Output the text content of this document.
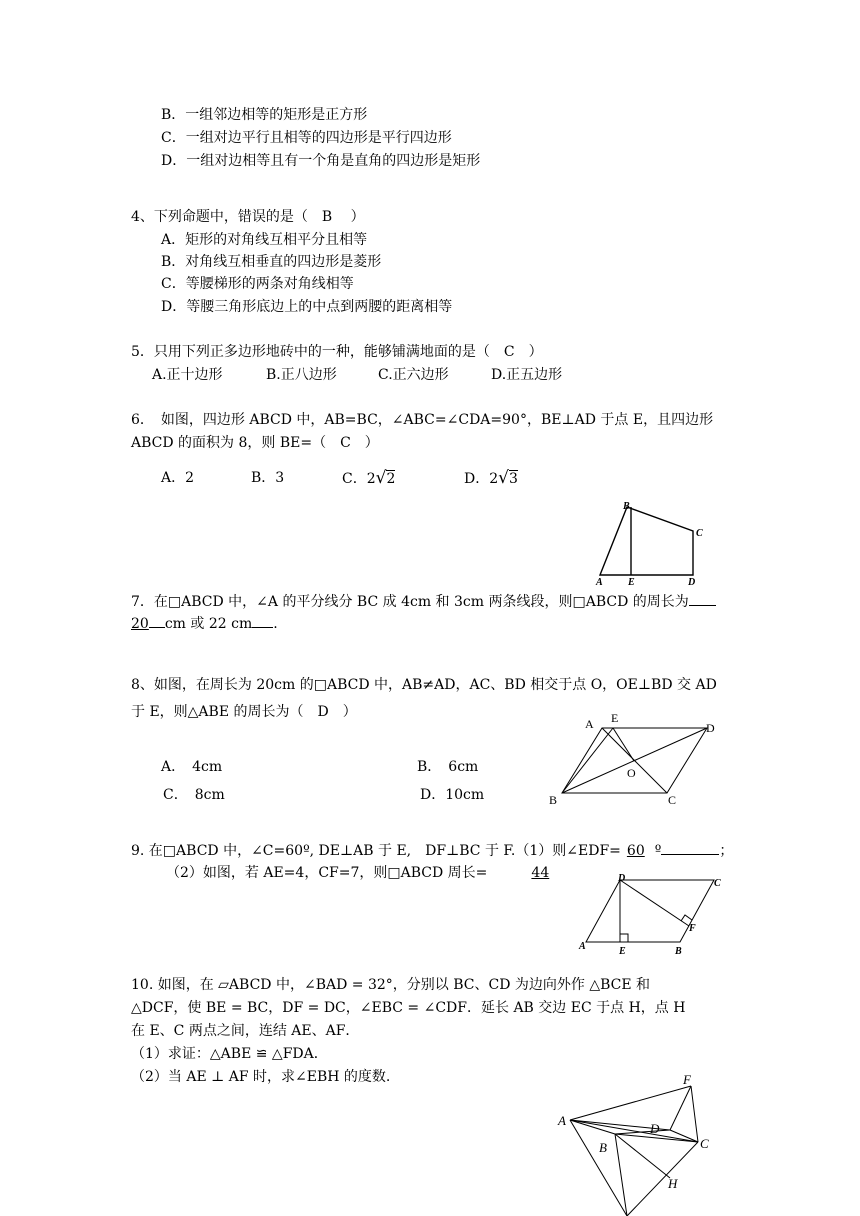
B．一组邻边相等的矩形是正方形
C．一组对边平行且相等的四边形是平行四边形
D．一组对边相等且有一个角是直角的四边形是矩形
4、下列命题中，错误的是（　B　 ）
A．矩形的对角线互相平分且相等
B．对角线互相垂直的四边形是菱形
C．等腰梯形的两条对角线相等
D．等腰三角形底边上的中点到两腰的距离相等
5．只用下列正多边形地砖中的一种，能够铺满地面的是（　C　）
A.正十边形	B.正八边形	C.正六边形	D.正五边形
6．　如图，四边形 ABCD 中，AB=BC，∠ABC=∠CDA=90°，BE⊥AD 于点 E，且四边形
ABCD 的面积为 8，则 BE=（　C　）
A．2	B．3	C．2√2	D．2√3
B
C
A	E	D
7．在□ABCD 中，∠A 的平分线分 BC 成 4cm 和 3cm 两条线段，则□ABCD 的周长为
20 cm 或 22 cm .
8、如图，在周长为 20cm 的□ABCD 中，AB≠AD，AC、BD 相交于点 O，OE⊥BD 交 AD
于 E，则△ABE 的周长为（　D　）
A．　4cm	B．　6cm
C．　8cm	D．10cm
A E
D
O
B	C
9. 在□ABCD 中，∠C=60º, DE⊥AB 于 E,　DF⊥BC 于 F.（1）则∠EDF= 60 º	；
（2）如图，若 AE=4，CF=7，则□ABCD 周长=	44	D	C
F
A	E	B
10. 如图，在 ▱ABCD 中，∠BAD = 32°，分别以 BC、CD 为边向外作 △BCE 和
△DCF，使 BE = BC，DF = DC，∠EBC = ∠CDF．延长 AB 交边 EC 于点 H，点 H
在 E、C 两点之间，连结 AE、AF．
（1）求证：△ABE ≌ △FDA．
（2）当 AE ⊥ AF 时，求∠EBH 的度数.	F
A
D
C
B
H
